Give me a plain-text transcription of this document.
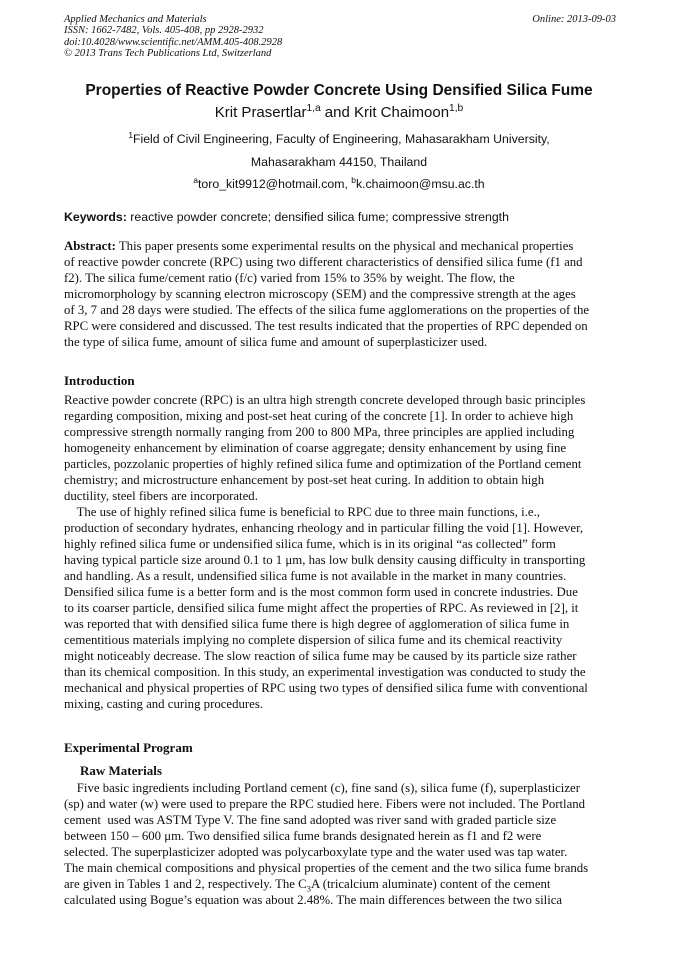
Applied Mechanics and Materials	Online: 2013-09-03
ISSN: 1662-7482, Vols. 405-408, pp 2928-2932
doi:10.4028/www.scientific.net/AMM.405-408.2928
© 2013 Trans Tech Publications Ltd, Switzerland
Properties of Reactive Powder Concrete Using Densified Silica Fume
Krit Prasertlar$^{1,a}$ and Krit Chaimoon$^{1,b}$
$^1$Field of Civil Engineering, Faculty of Engineering, Mahasarakham University,
Mahasarakham 44150, Thailand
$^a$toro_kit9912@hotmail.com, $^b$k.chaimoon@msu.ac.th
Keywords: reactive powder concrete; densified silica fume; compressive strength
Abstract: This paper presents some experimental results on the physical and mechanical properties
of reactive powder concrete (RPC) using two different characteristics of densified silica fume (f1 and
f2). The silica fume/cement ratio (f/c) varied from 15% to 35% by weight. The flow, the
micromorphology by scanning electron microscopy (SEM) and the compressive strength at the ages
of 3, 7 and 28 days were studied. The effects of the silica fume agglomerations on the properties of the
RPC were considered and discussed. The test results indicated that the properties of RPC depended on
the type of silica fume, amount of silica fume and amount of superplasticizer used.
Introduction
Reactive powder concrete (RPC) is an ultra high strength concrete developed through basic principles
regarding composition, mixing and post-set heat curing of the concrete [1]. In order to achieve high
compressive strength normally ranging from 200 to 800 MPa, three principles are applied including
homogeneity enhancement by elimination of coarse aggregate; density enhancement by using fine
particles, pozzolanic properties of highly refined silica fume and optimization of the Portland cement
chemistry; and microstructure enhancement by post-set heat curing. In addition to obtain high
ductility, steel fibers are incorporated.
The use of highly refined silica fume is beneficial to RPC due to three main functions, i.e.,
production of secondary hydrates, enhancing rheology and in particular filling the void [1]. However,
highly refined silica fume or undensified silica fume, which is in its original “as collected” form
having typical particle size around 0.1 to 1 μm, has low bulk density causing difficulty in transporting
and handling. As a result, undensified silica fume is not available in the market in many countries.
Densified silica fume is a better form and is the most common form used in concrete industries. Due
to its coarser particle, densified silica fume might affect the properties of RPC. As reviewed in [2], it
was reported that with densified silica fume there is high degree of agglomeration of silica fume in
cementitious materials implying no complete dispersion of silica fume and its chemical reactivity
might noticeably decrease. The slow reaction of silica fume may be caused by its particle size rather
than its chemical composition. In this study, an experimental investigation was conducted to study the
mechanical and physical properties of RPC using two types of densified silica fume with conventional
mixing, casting and curing procedures.
Experimental Program
Raw Materials
Five basic ingredients including Portland cement (c), fine sand (s), silica fume (f), superplasticizer
(sp) and water (w) were used to prepare the RPC studied here. Fibers were not included. The Portland
cement  used was ASTM Type V. The fine sand adopted was river sand with graded particle size
between 150 – 600 μm. Two densified silica fume brands designated herein as f1 and f2 were
selected. The superplasticizer adopted was polycarboxylate type and the water used was tap water.
The main chemical compositions and physical properties of the cement and the two silica fume brands
are given in Tables 1 and 2, respectively. The $C_3A$ (tricalcium aluminate) content of the cement
calculated using Bogue’s equation was about 2.48%. The main differences between the two silica
